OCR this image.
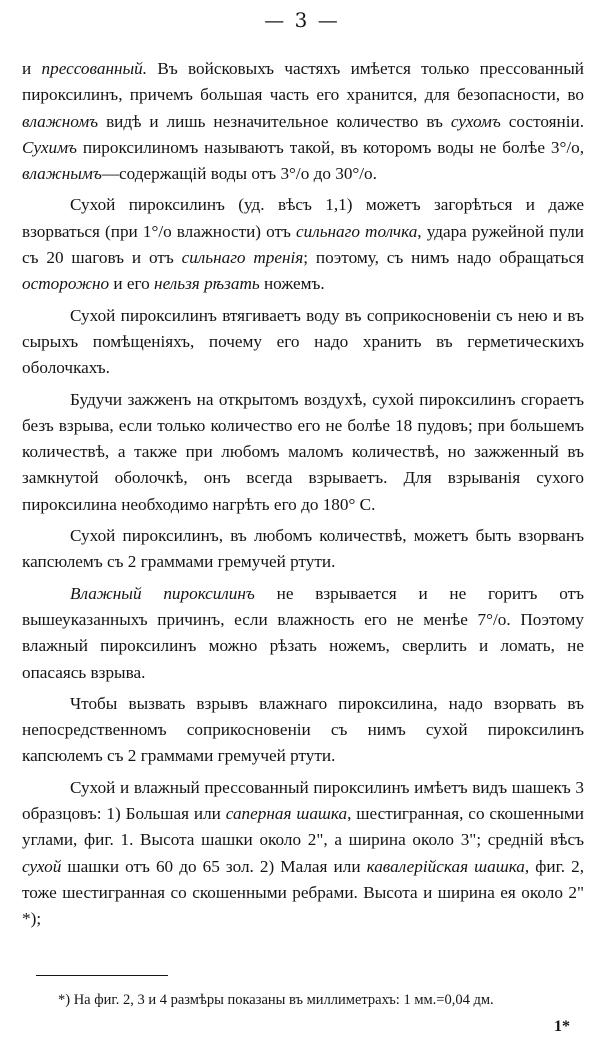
— 3 —

и прессованный. Въ войсковыхъ частяхъ имѣется только прессованный пироксилинъ, причемъ большая часть его хранится, для безопасности, во влажномъ видѣ и лишь незначительное количество въ сухомъ состояніи. Сухимъ пироксилиномъ называютъ такой, въ которомъ воды не болѣе 3°/о, влажнымъ—содержащій воды отъ 3°/о до 30°/о.

Сухой пироксилинъ (уд. вѣсъ 1,1) можетъ загорѣться и даже взорваться (при 1°/о влажности) отъ сильнаго толчка, удара ружейной пули съ 20 шаговъ и отъ сильнаго тренія; поэтому, съ нимъ надо обращаться осторожно и его нельзя рѣзать ножемъ.

Сухой пироксилинъ втягиваетъ воду въ соприкосновеніи съ нею и въ сырыхъ помѣщеніяхъ, почему его надо хранить въ герметическихъ оболочкахъ.

Будучи зажженъ на открытомъ воздухѣ, сухой пироксилинъ сгораетъ безъ взрыва, если только количество его не болѣе 18 пудовъ; при большемъ количествѣ, а также при любомъ маломъ количествѣ, но зажженный въ замкнутой оболочкѣ, онъ всегда взрываетъ. Для взрыванія сухого пироксилина необходимо нагрѣть его до 180° С.

Сухой пироксилинъ, въ любомъ количествѣ, можетъ быть взорванъ капсюлемъ съ 2 граммами гремучей ртути.

Влажный пироксилинъ не взрывается и не горитъ отъ вышеуказанныхъ причинъ, если влажность его не менѣе 7°/о. Поэтому влажный пироксилинъ можно рѣзать ножемъ, сверлить и ломать, не опасаясь взрыва.

Чтобы вызвать взрывъ влажнаго пироксилина, надо взорвать въ непосредственномъ соприкосновеніи съ нимъ сухой пироксилинъ капсюлемъ съ 2 граммами гремучей ртути.

Сухой и влажный прессованный пироксилинъ имѣетъ видъ шашекъ 3 образцовъ: 1) Большая или саперная шашка, шестигранная, со скошенными углами, фиг. 1. Высота шашки около 2", а ширина около 3"; средній вѣсъ сухой шашки отъ 60 до 65 зол. 2) Малая или кавалерійская шашка, фиг. 2, тоже шестигранная со скошенными ребрами. Высота и ширина ея около 2" *);

*) На фиг. 2, 3 и 4 размѣры показаны въ миллиметрахъ: 1 мм.=0,04 дм.
1*
